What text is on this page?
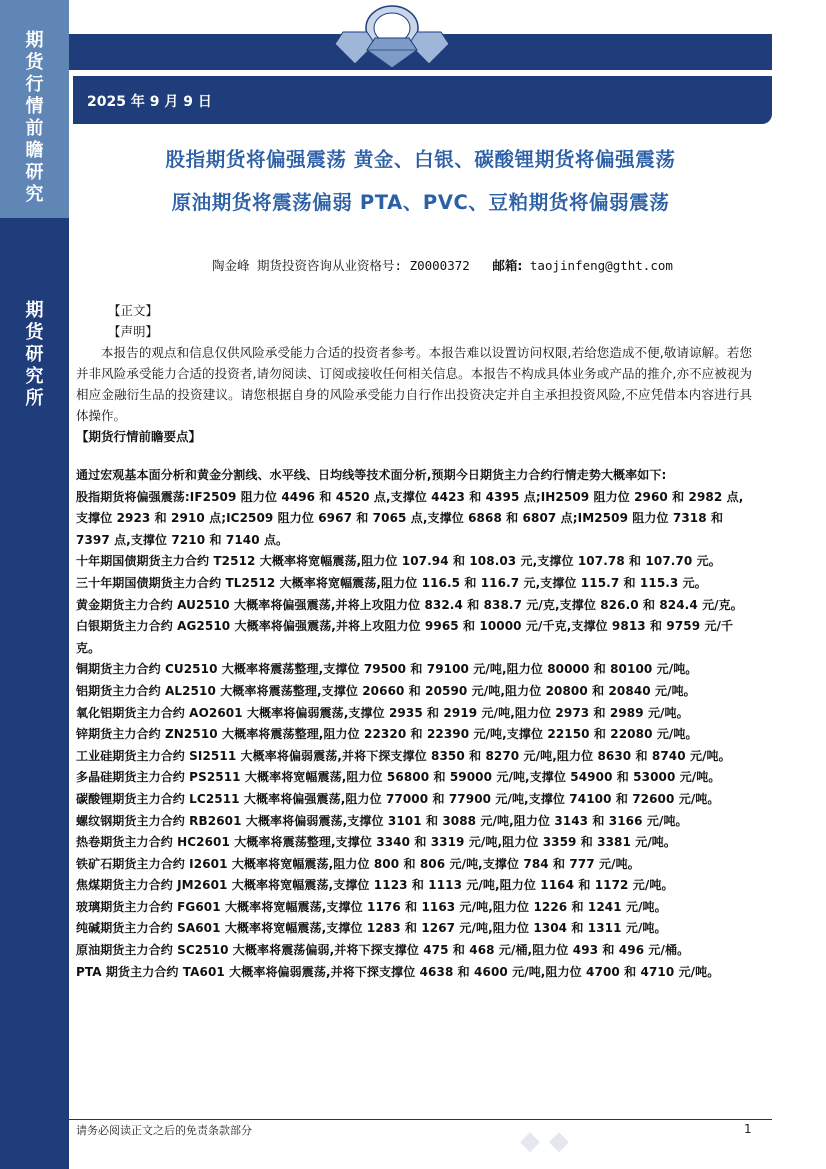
期
货
行
情
前
瞻
研
究
期
货
研
究
所
2025 年 9 月 9 日
股指期货将偏强震荡 黄金、白银、碳酸锂期货将偏强震荡
原油期货将震荡偏弱 PTA、PVC、豆粕期货将偏弱震荡
陶金峰 期货投资咨询从业资格号: Z0000372 邮箱: taojinfeng@gtht.com
【正文】
【声明】
本报告的观点和信息仅供风险承受能力合适的投资者参考。本报告难以设置访问权限,若给您造成不便,敬请谅解。若您并非风险承受能力合适的投资者,请勿阅读、订阅或接收任何相关信息。本报告不构成具体业务或产品的推介,亦不应被视为相应金融衍生品的投资建议。请您根据自身的风险承受能力自行作出投资决定并自主承担投资风险,不应凭借本内容进行具体操作。
【期货行情前瞻要点】
通过宏观基本面分析和黄金分割线、水平线、日均线等技术面分析,预期今日期货主力合约行情走势大概率如下:
股指期货将偏强震荡:IF2509 阻力位 4496 和 4520 点,支撑位 4423 和 4395 点;IH2509 阻力位 2960 和 2982 点,支撑位 2923 和 2910 点;IC2509 阻力位 6967 和 7065 点,支撑位 6868 和 6807 点;IM2509 阻力位 7318 和 7397 点,支撑位 7210 和 7140 点。
十年期国债期货主力合约 T2512 大概率将宽幅震荡,阻力位 107.94 和 108.03 元,支撑位 107.78 和 107.70 元。
三十年期国债期货主力合约 TL2512 大概率将宽幅震荡,阻力位 116.5 和 116.7 元,支撑位 115.7 和 115.3 元。
黄金期货主力合约 AU2510 大概率将偏强震荡,并将上攻阻力位 832.4 和 838.7 元/克,支撑位 826.0 和 824.4 元/克。
白银期货主力合约 AG2510 大概率将偏强震荡,并将上攻阻力位 9965 和 10000 元/千克,支撑位 9813 和 9759 元/千克。
铜期货主力合约 CU2510 大概率将震荡整理,支撑位 79500 和 79100 元/吨,阻力位 80000 和 80100 元/吨。
铝期货主力合约 AL2510 大概率将震荡整理,支撑位 20660 和 20590 元/吨,阻力位 20800 和 20840 元/吨。
氧化铝期货主力合约 AO2601 大概率将偏弱震荡,支撑位 2935 和 2919 元/吨,阻力位 2973 和 2989 元/吨。
锌期货主力合约 ZN2510 大概率将震荡整理,阻力位 22320 和 22390 元/吨,支撑位 22150 和 22080 元/吨。
工业硅期货主力合约 SI2511 大概率将偏弱震荡,并将下探支撑位 8350 和 8270 元/吨,阻力位 8630 和 8740 元/吨。
多晶硅期货主力合约 PS2511 大概率将宽幅震荡,阻力位 56800 和 59000 元/吨,支撑位 54900 和 53000 元/吨。
碳酸锂期货主力合约 LC2511 大概率将偏强震荡,阻力位 77000 和 77900 元/吨,支撑位 74100 和 72600 元/吨。
螺纹钢期货主力合约 RB2601 大概率将偏弱震荡,支撑位 3101 和 3088 元/吨,阻力位 3143 和 3166 元/吨。
热卷期货主力合约 HC2601 大概率将震荡整理,支撑位 3340 和 3319 元/吨,阻力位 3359 和 3381 元/吨。
铁矿石期货主力合约 I2601 大概率将宽幅震荡,阻力位 800 和 806 元/吨,支撑位 784 和 777 元/吨。
焦煤期货主力合约 JM2601 大概率将宽幅震荡,支撑位 1123 和 1113 元/吨,阻力位 1164 和 1172 元/吨。
玻璃期货主力合约 FG601 大概率将宽幅震荡,支撑位 1176 和 1163 元/吨,阻力位 1226 和 1241 元/吨。
纯碱期货主力合约 SA601 大概率将宽幅震荡,支撑位 1283 和 1267 元/吨,阻力位 1304 和 1311 元/吨。
原油期货主力合约 SC2510 大概率将震荡偏弱,并将下探支撑位 475 和 468 元/桶,阻力位 493 和 496 元/桶。
PTA 期货主力合约 TA601 大概率将偏弱震荡,并将下探支撑位 4638 和 4600 元/吨,阻力位 4700 和 4710 元/吨。
请务必阅读正文之后的免责条款部分	1
◆ ◆
